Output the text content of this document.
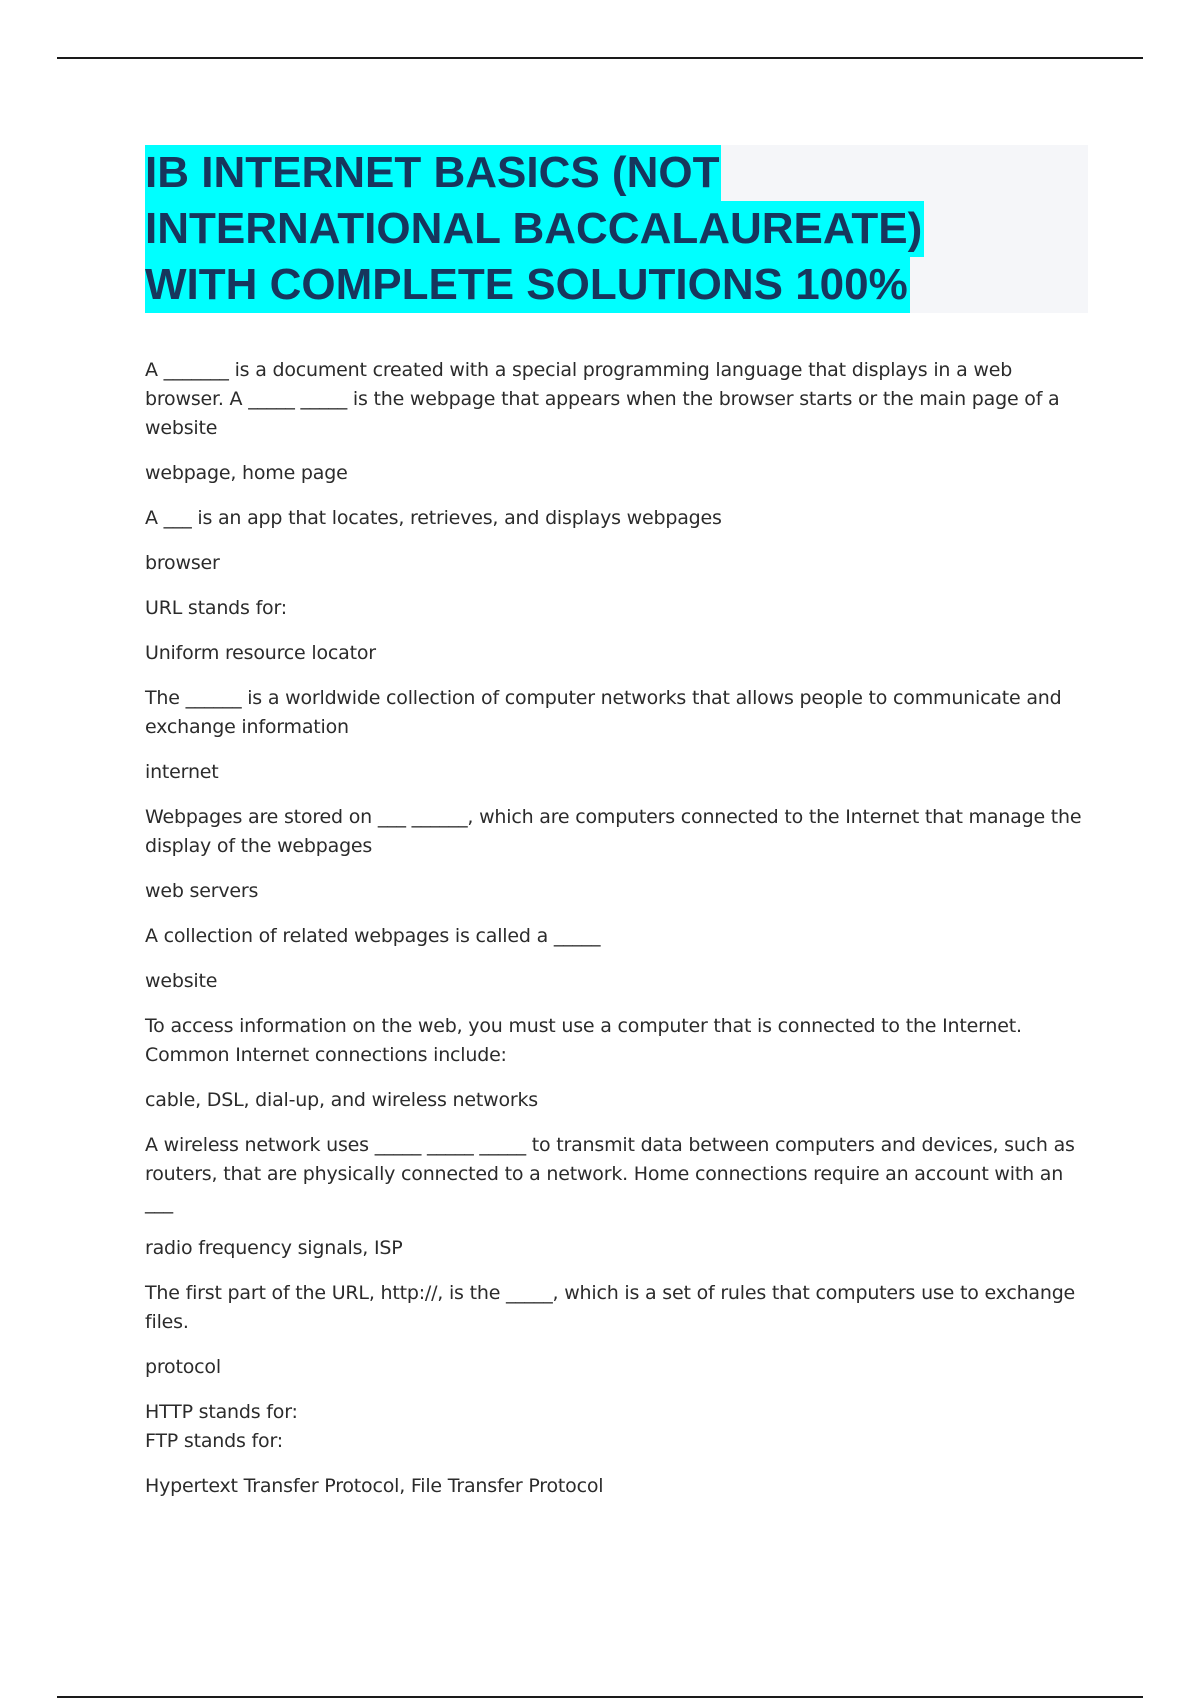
IB INTERNET BASICS (NOT
INTERNATIONAL BACCALAUREATE)
WITH COMPLETE SOLUTIONS 100%

A _______ is a document created with a special programming language that displays in a web browser. A _____ _____ is the webpage that appears when the browser starts or the main page of a website

webpage, home page

A ___ is an app that locates, retrieves, and displays webpages

browser

URL stands for:

Uniform resource locator

The ______ is a worldwide collection of computer networks that allows people to communicate and exchange information

internet

Webpages are stored on ___ ______, which are computers connected to the Internet that manage the display of the webpages

web servers

A collection of related webpages is called a _____

website

To access information on the web, you must use a computer that is connected to the Internet. Common Internet connections include:

cable, DSL, dial-up, and wireless networks

A wireless network uses _____ _____ _____ to transmit data between computers and devices, such as routers, that are physically connected to a network. Home connections require an account with an ___

radio frequency signals, ISP

The first part of the URL, http://, is the _____, which is a set of rules that computers use to exchange files.

protocol

HTTP stands for:
FTP stands for:

Hypertext Transfer Protocol, File Transfer Protocol
